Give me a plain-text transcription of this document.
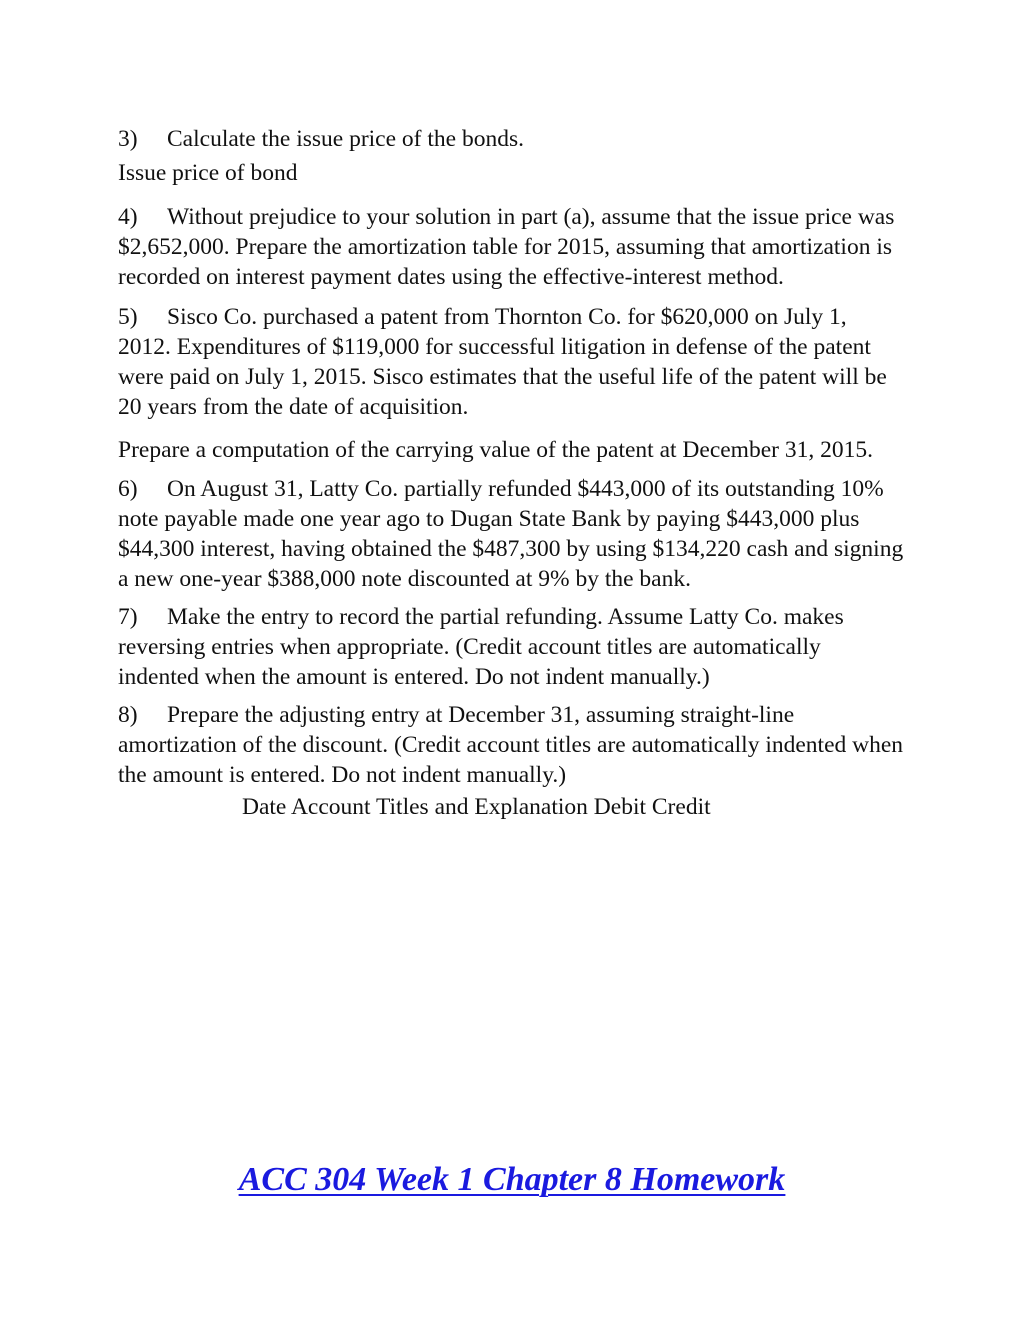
3) Calculate the issue price of the bonds.

Issue price of bond

4) Without prejudice to your solution in part (a), assume that the issue price was $2,652,000. Prepare the amortization table for 2015, assuming that amortization is recorded on interest payment dates using the effective-interest method.

5) Sisco Co. purchased a patent from Thornton Co. for $620,000 on July 1, 2012. Expenditures of $119,000 for successful litigation in defense of the patent were paid on July 1, 2015. Sisco estimates that the useful life of the patent will be 20 years from the date of acquisition.

Prepare a computation of the carrying value of the patent at December 31, 2015.

6) On August 31, Latty Co. partially refunded $443,000 of its outstanding 10% note payable made one year ago to Dugan State Bank by paying $443,000 plus $44,300 interest, having obtained the $487,300 by using $134,220 cash and signing a new one-year $388,000 note discounted at 9% by the bank.

7) Make the entry to record the partial refunding. Assume Latty Co. makes reversing entries when appropriate. (Credit account titles are automatically indented when the amount is entered. Do not indent manually.)

8) Prepare the adjusting entry at December 31, assuming straight-line amortization of the discount. (Credit account titles are automatically indented when the amount is entered. Do not indent manually.)

Date Account Titles and Explanation Debit Credit

ACC 304 Week 1 Chapter 8 Homework
